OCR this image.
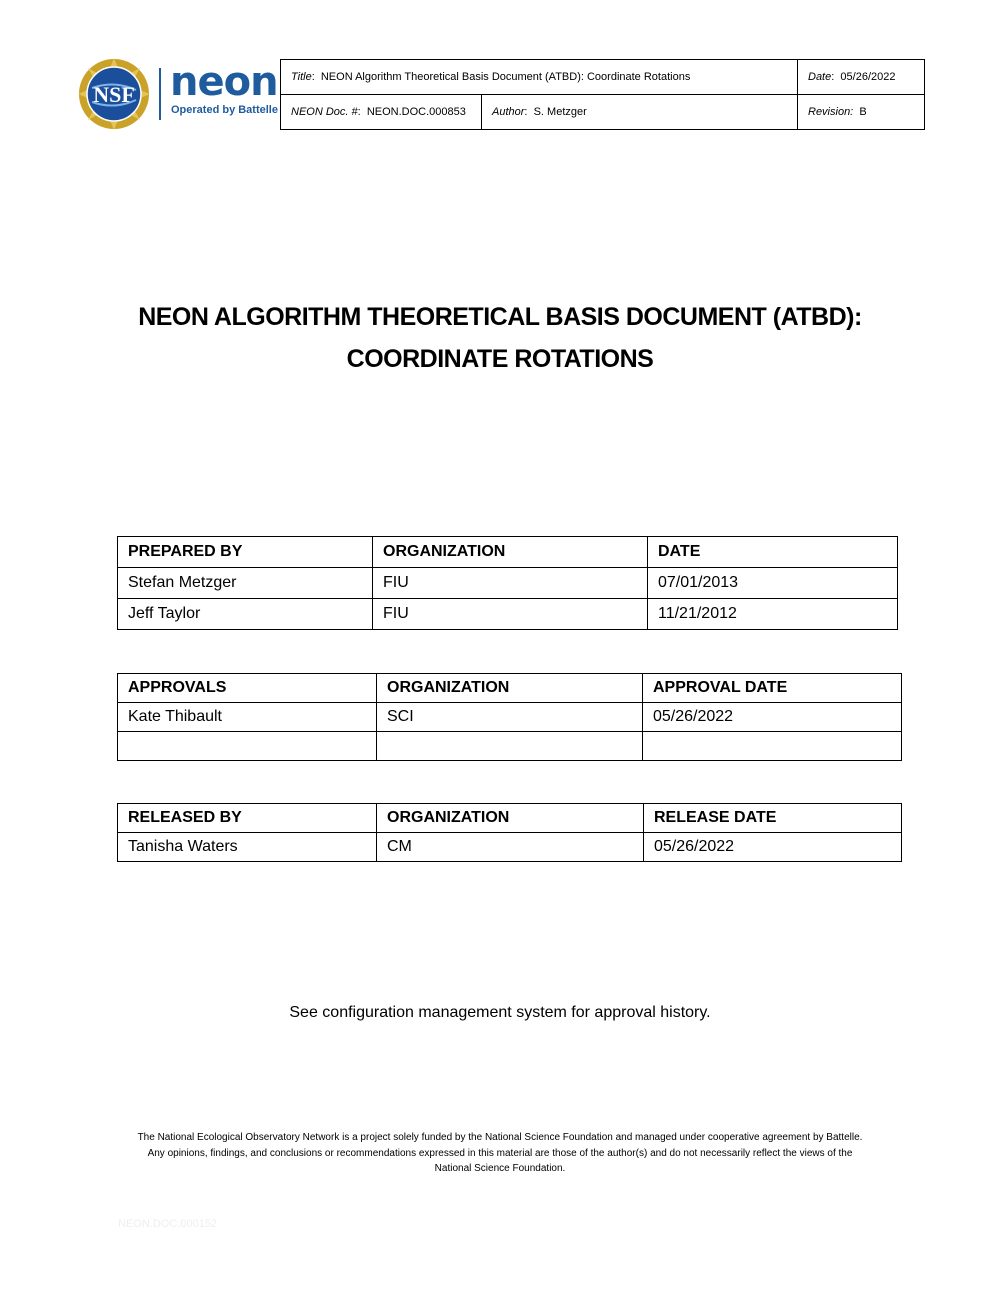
NSF neon
Operated by Battelle
Title:  NEON Algorithm Theoretical Basis Document (ATBD): Coordinate Rotations		Date:  05/26/2022
NEON Doc. #:  NEON.DOC.000853	Author:  S. Metzger	Revision: B
NEON ALGORITHM THEORETICAL BASIS DOCUMENT (ATBD):
COORDINATE ROTATIONS
PREPARED BY	ORGANIZATION	DATE
Stefan Metzger	FIU	07/01/2013
Jeff Taylor	FIU	11/21/2012
APPROVALS	ORGANIZATION	APPROVAL DATE
Kate Thibault	SCI	05/26/2022

RELEASED BY	ORGANIZATION	RELEASE DATE
Tanisha Waters	CM	05/26/2022
See configuration management system for approval history.
The National Ecological Observatory Network is a project solely funded by the National Science Foundation and managed under cooperative agreement by Battelle.
Any opinions, findings, and conclusions or recommendations expressed in this material are those of the author(s) and do not necessarily reflect the views of the
National Science Foundation.
NEON.DOC.000152
